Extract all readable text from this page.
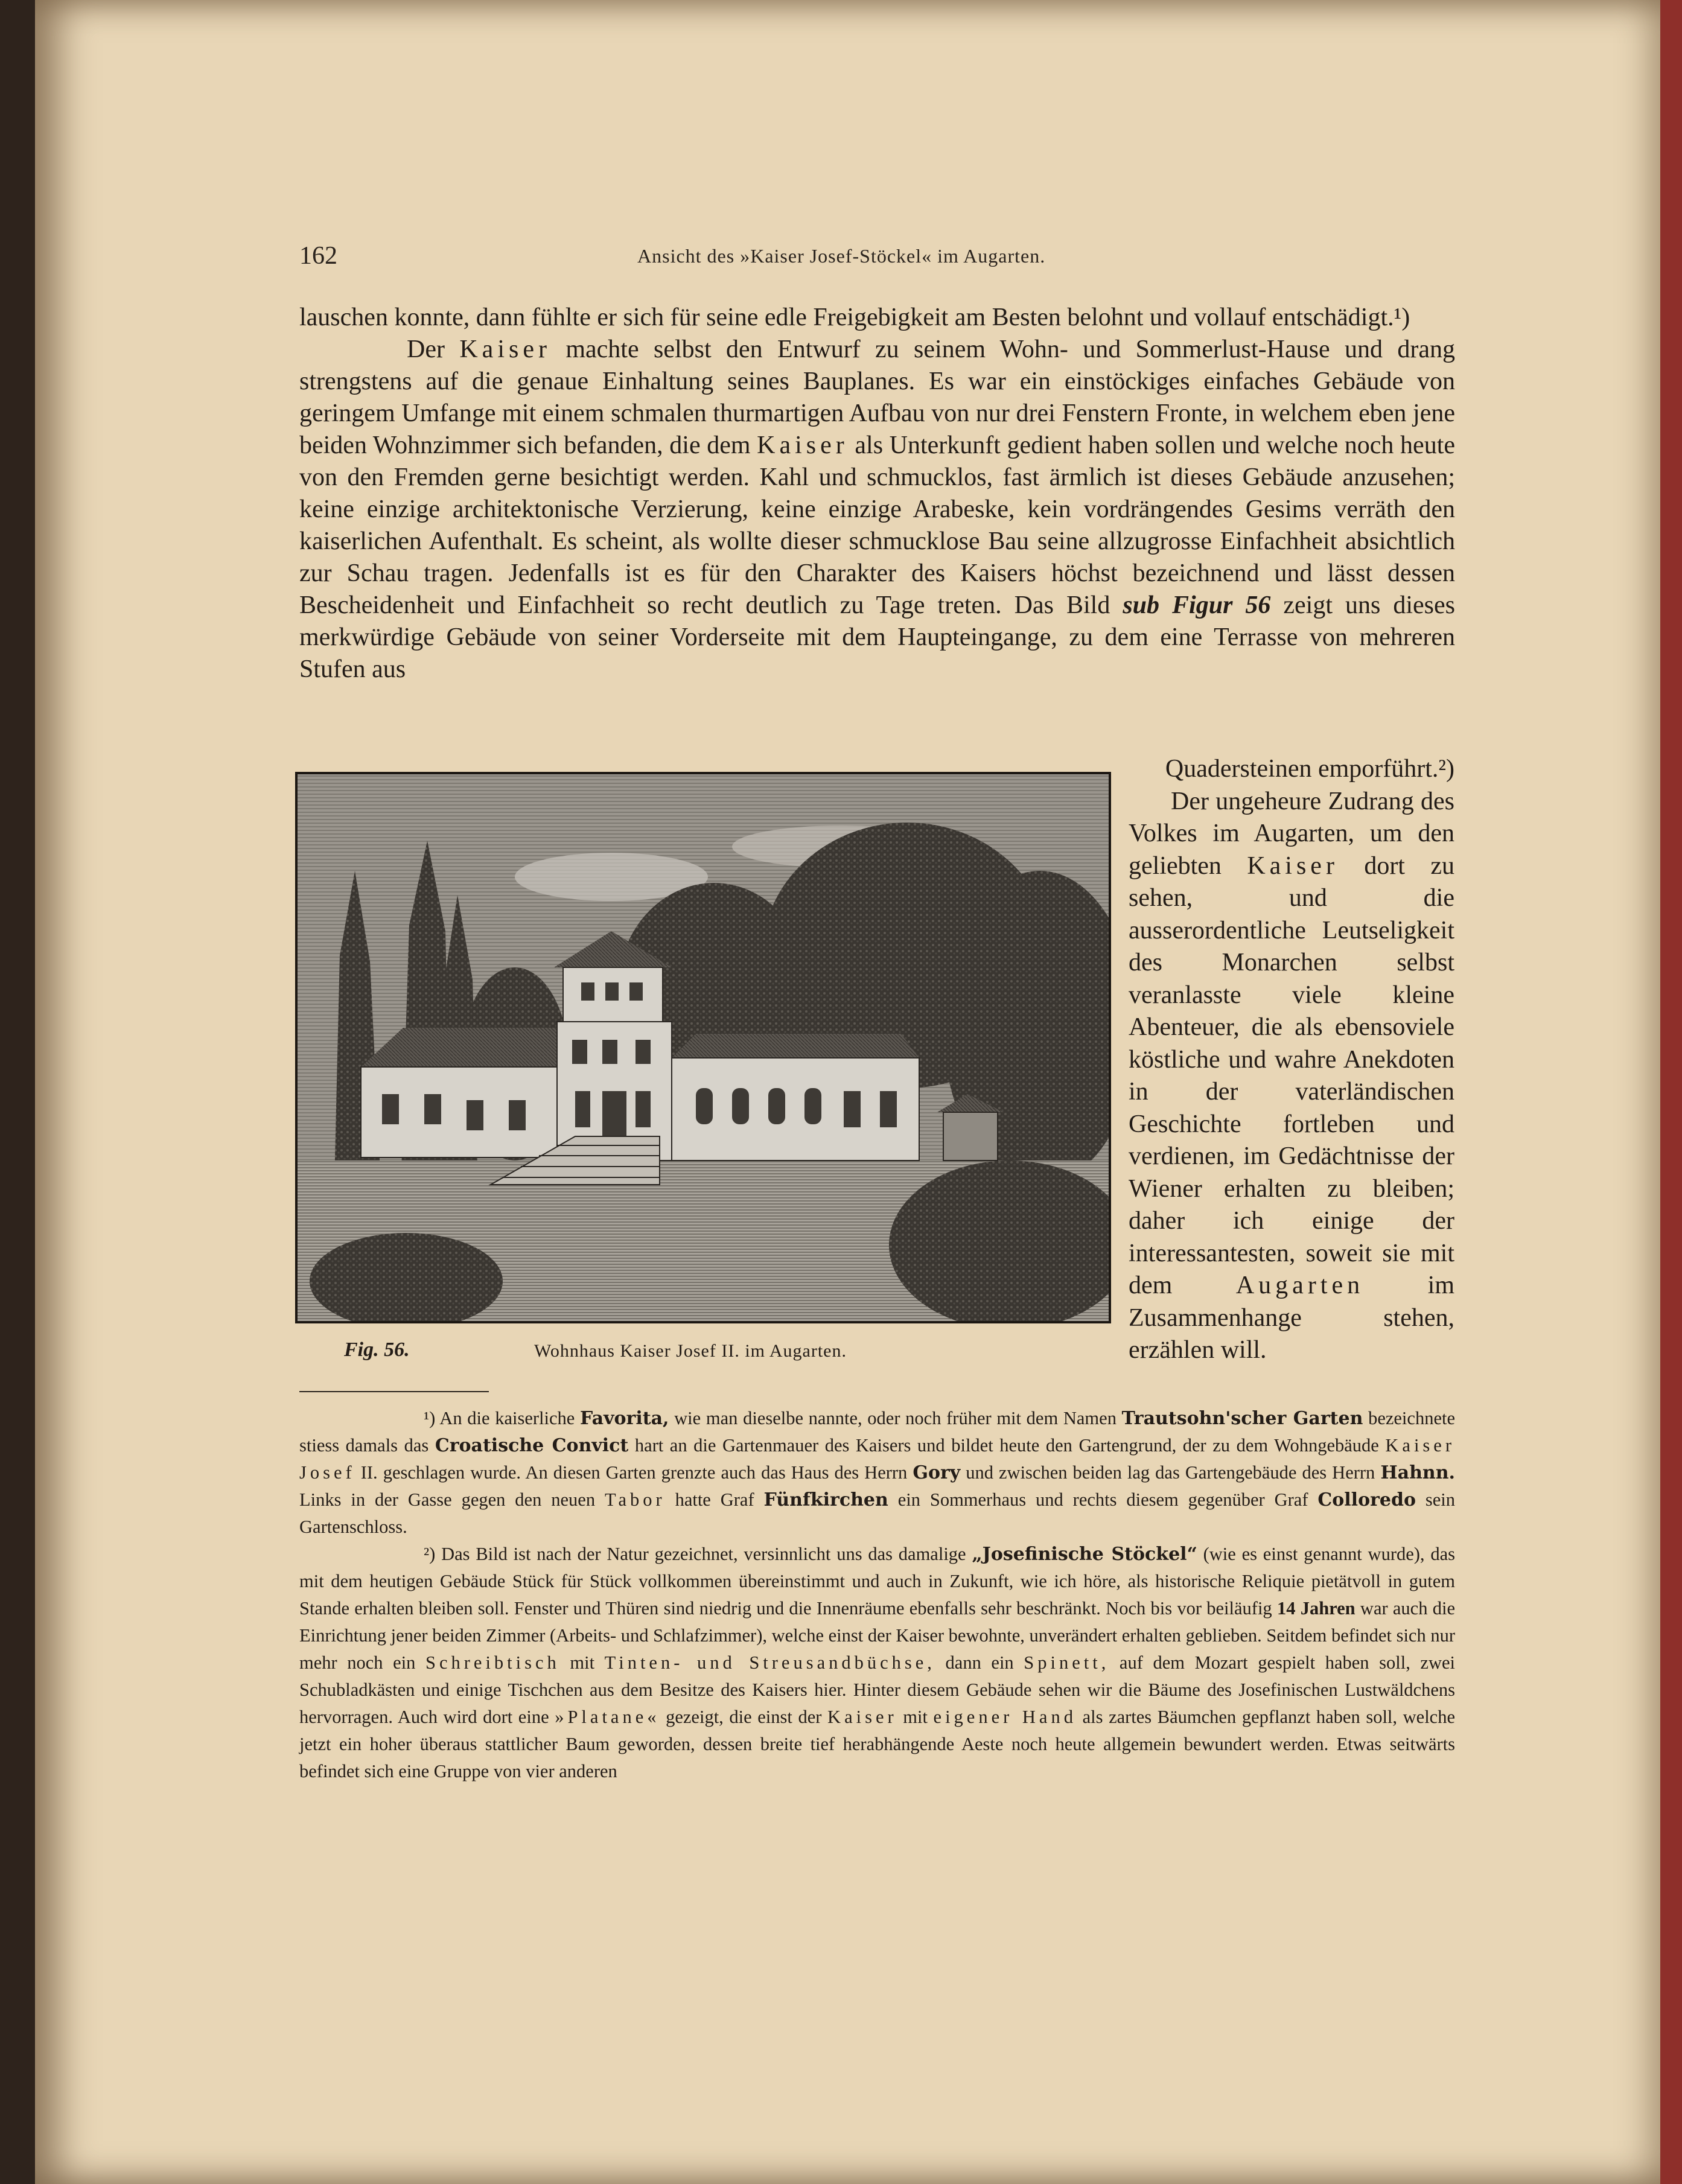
162	Ansicht des »Kaiser Josef-Stöckel« im Augarten.

lauschen konnte, dann fühlte er sich für seine edle Freigebigkeit am Besten belohnt und vollauf entschädigt.¹)

Der Kaiser machte selbst den Entwurf zu seinem Wohn- und Sommerlust-Hause und drang strengstens auf die genaue Einhaltung seines Bauplanes. Es war ein einstöckiges einfaches Gebäude von geringem Umfange mit einem schmalen thurmartigen Aufbau von nur drei Fenstern Fronte, in welchem eben jene beiden Wohnzimmer sich befanden, die dem Kaiser als Unterkunft gedient haben sollen und welche noch heute von den Fremden gerne besichtigt werden. Kahl und schmucklos, fast ärmlich ist dieses Gebäude anzusehen; keine einzige architektonische Verzierung, keine einzige Arabeske, kein vordrängendes Gesims verräth den kaiserlichen Aufenthalt. Es scheint, als wollte dieser schmucklose Bau seine allzugrosse Einfachheit absichtlich zur Schau tragen. Jedenfalls ist es für den Charakter des Kaisers höchst bezeichnend und lässt dessen Bescheidenheit und Einfachheit so recht deutlich zu Tage treten. Das Bild sub Figur 56 zeigt uns dieses merkwürdige Gebäude von seiner Vorderseite mit dem Haupteingange, zu dem eine Terrasse von mehreren Stufen aus

Fig. 56.	Wohnhaus Kaiser Josef II. im Augarten.

Quadersteinen emporführt.²)

Der ungeheure Zudrang des Volkes im Augarten, um den geliebten Kaiser dort zu sehen, und die ausserordentliche Leutseligkeit des Monarchen selbst veranlasste viele kleine Abenteuer, die als ebensoviele köstliche und wahre Anekdoten in der vaterländischen Geschichte fortleben und verdienen, im Gedächtnisse der Wiener erhalten zu bleiben; daher ich einige der interessantesten, soweit sie mit dem Augarten im Zusammenhange stehen, erzählen will.

¹) An die kaiserliche Favorita, wie man dieselbe nannte, oder noch früher mit dem Namen Trautsohn'scher Garten bezeichnete stiess damals das Croatische Convict hart an die Gartenmauer des Kaisers und bildet heute den Gartengrund, der zu dem Wohngebäude Kaiser Josef II. geschlagen wurde. An diesen Garten grenzte auch das Haus des Herrn Gory und zwischen beiden lag das Gartengebäude des Herrn Hahnn. Links in der Gasse gegen den neuen Tabor hatte Graf Fünfkirchen ein Sommerhaus und rechts diesem gegenüber Graf Colloredo sein Gartenschloss.

²) Das Bild ist nach der Natur gezeichnet, versinnlicht uns das damalige „Josefinische Stöckel“ (wie es einst genannt wurde), das mit dem heutigen Gebäude Stück für Stück vollkommen übereinstimmt und auch in Zukunft, wie ich höre, als historische Reliquie pietätvoll in gutem Stande erhalten bleiben soll. Fenster und Thüren sind niedrig und die Innenräume ebenfalls sehr beschränkt. Noch bis vor beiläufig 14 Jahren war auch die Einrichtung jener beiden Zimmer (Arbeits- und Schlafzimmer), welche einst der Kaiser bewohnte, unverändert erhalten geblieben. Seitdem befindet sich nur mehr noch ein Schreibtisch mit Tinten- und Streusandbüchse, dann ein Spinett, auf dem Mozart gespielt haben soll, zwei Schubladkästen und einige Tischchen aus dem Besitze des Kaisers hier. Hinter diesem Gebäude sehen wir die Bäume des Josefinischen Lustwäldchens hervorragen. Auch wird dort eine »Platane« gezeigt, die einst der Kaiser mit eigener Hand als zartes Bäumchen gepflanzt haben soll, welche jetzt ein hoher überaus stattlicher Baum geworden, dessen breite tief herabhängende Aeste noch heute allgemein bewundert werden. Etwas seitwärts befindet sich eine Gruppe von vier anderen
